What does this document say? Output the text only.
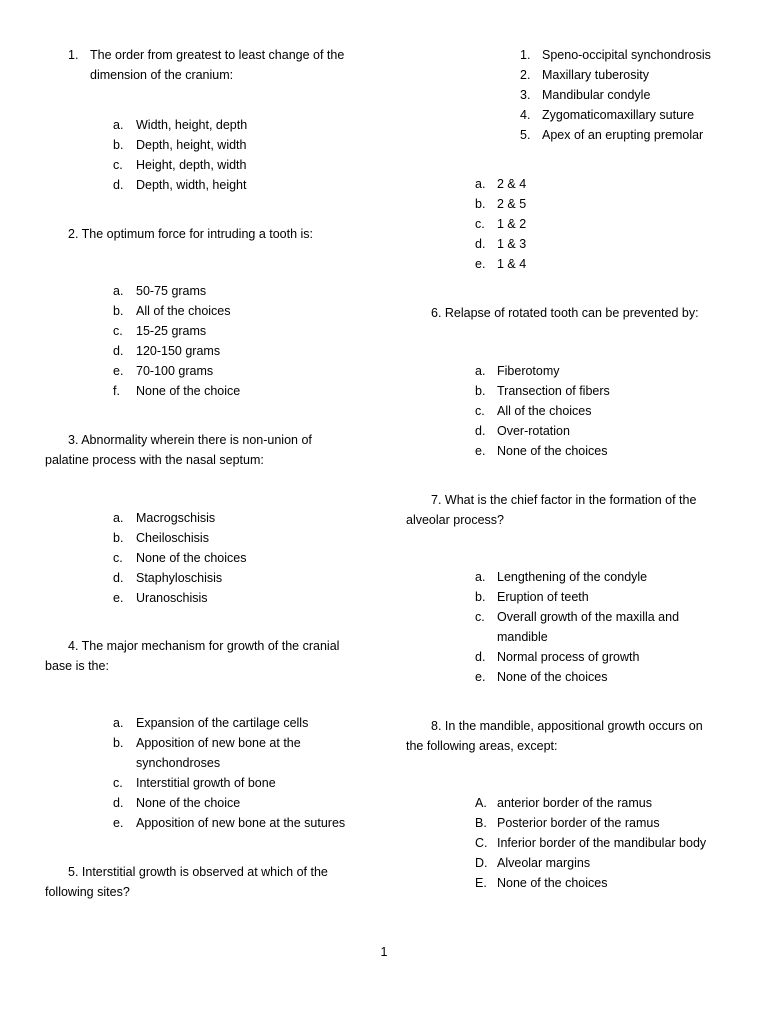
1. The order from greatest to least change of the
dimension of the cranium:
a. Width, height, depth
b. Depth, height, width
c. Height, depth, width
d. Depth, width, height
2. The optimum force for intruding a tooth is:
a. 50-75 grams
b. All of the choices
c. 15-25 grams
d. 120-150 grams
e. 70-100 grams
f. None of the choice
3. Abnormality wherein there is non-union of
palatine process with the nasal septum:
a. Macrogschisis
b. Cheiloschisis
c. None of the choices
d. Staphyloschisis
e. Uranoschisis
4. The major mechanism for growth of the cranial
base is the:
a. Expansion of the cartilage cells
b. Apposition of new bone at the
synchondroses
c. Interstitial growth of bone
d. None of the choice
e. Apposition of new bone at the sutures
5. Interstitial growth is observed at which of the
following sites?
1. Speno-occipital synchondrosis
2. Maxillary tuberosity
3. Mandibular condyle
4. Zygomaticomaxillary suture
5. Apex of an erupting premolar
a. 2 & 4
b. 2 & 5
c. 1 & 2
d. 1 & 3
e. 1 & 4
6. Relapse of rotated tooth can be prevented by:
a. Fiberotomy
b. Transection of fibers
c. All of the choices
d. Over-rotation
e. None of the choices
7. What is the chief factor in the formation of the
alveolar process?
a. Lengthening of the condyle
b. Eruption of teeth
c. Overall growth of the maxilla and
mandible
d. Normal process of growth
e. None of the choices
8. In the mandible, appositional growth occurs on
the following areas, except:
A. anterior border of the ramus
B. Posterior border of the ramus
C. Inferior border of the mandibular body
D. Alveolar margins
E. None of the choices
1
